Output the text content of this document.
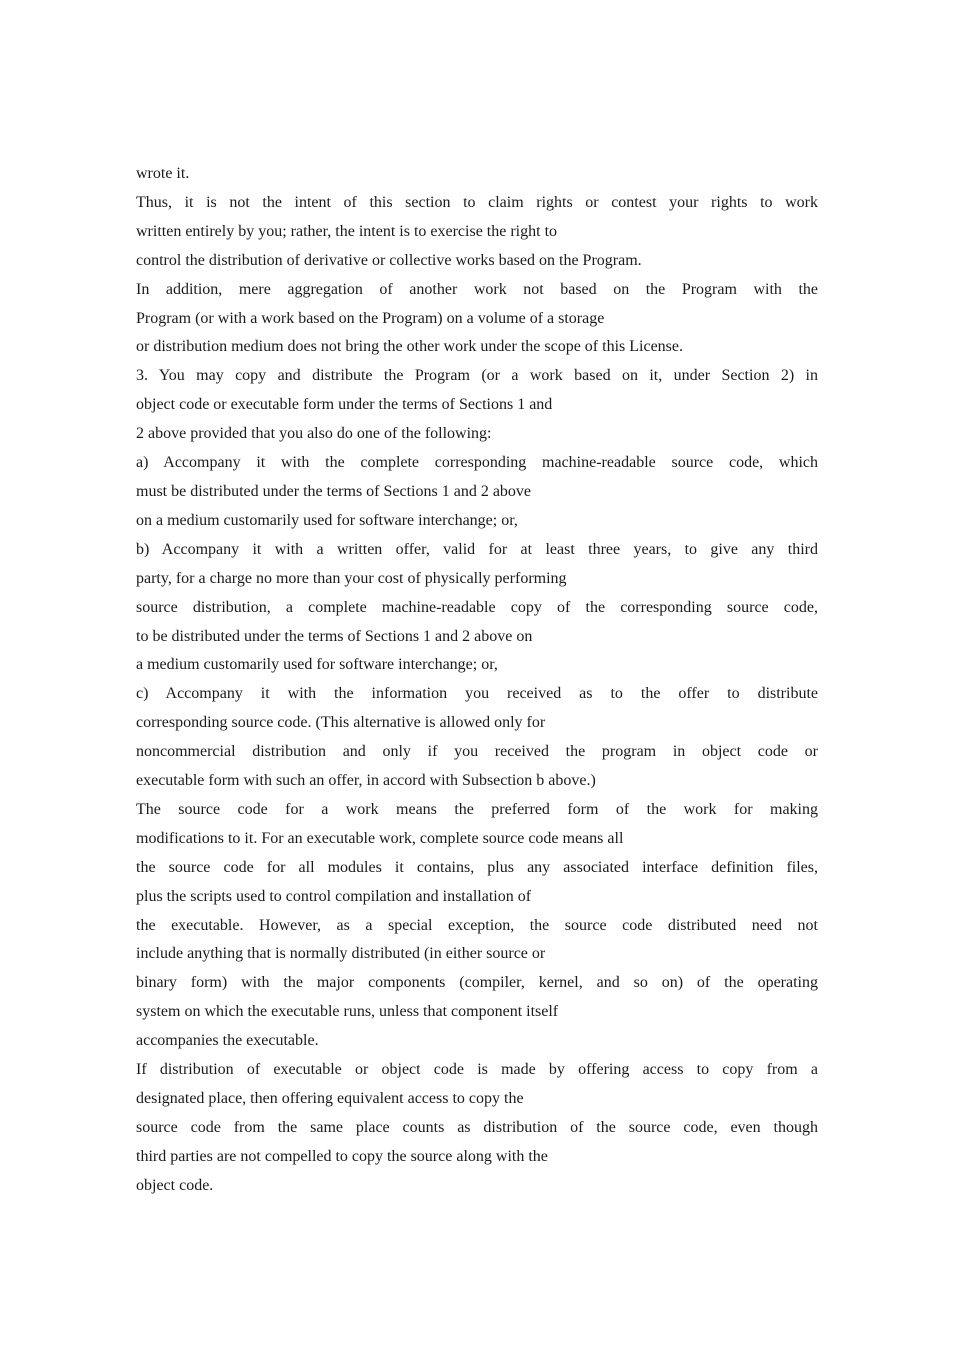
wrote it.
Thus, it is not the intent of this section to claim rights or contest your rights to work
written entirely by you; rather, the intent is to exercise the right to
control the distribution of derivative or collective works based on the Program.
In addition, mere aggregation of another work not based on the Program with the
Program (or with a work based on the Program) on a volume of a storage
or distribution medium does not bring the other work under the scope of this License.
3. You may copy and distribute the Program (or a work based on it, under Section 2) in
object code or executable form under the terms of Sections 1 and
2 above provided that you also do one of the following:
a) Accompany it with the complete corresponding machine-readable source code, which
must be distributed under the terms of Sections 1 and 2 above
on a medium customarily used for software interchange; or,
b) Accompany it with a written offer, valid for at least three years, to give any third
party, for a charge no more than your cost of physically performing
source distribution, a complete machine-readable copy of the corresponding source code,
to be distributed under the terms of Sections 1 and 2 above on
a medium customarily used for software interchange; or,
c) Accompany it with the information you received as to the offer to distribute
corresponding source code. (This alternative is allowed only for
noncommercial distribution and only if you received the program in object code or
executable form with such an offer, in accord with Subsection b above.)
The source code for a work means the preferred form of the work for making
modifications to it. For an executable work, complete source code means all
the source code for all modules it contains, plus any associated interface definition files,
plus the scripts used to control compilation and installation of
the executable. However, as a special exception, the source code distributed need not
include anything that is normally distributed (in either source or
binary form) with the major components (compiler, kernel, and so on) of the operating
system on which the executable runs, unless that component itself
accompanies the executable.
If distribution of executable or object code is made by offering access to copy from a
designated place, then offering equivalent access to copy the
source code from the same place counts as distribution of the source code, even though
third parties are not compelled to copy the source along with the
object code.
